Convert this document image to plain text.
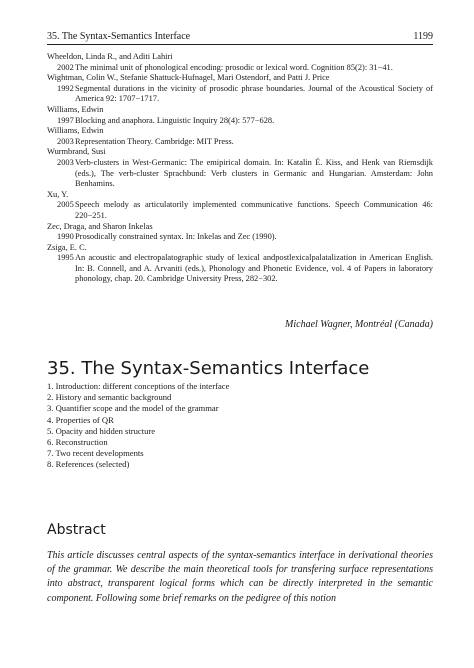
35. The Syntax-Semantics Interface	1199
Wheeldon, Linda R., and Aditi Lahiri
2002 The minimal unit of phonological encoding: prosodic or lexical word. Cognition 85(2): 31−41.
Wightman, Colin W., Stefanie Shattuck-Hufnagel, Mari Ostendorf, and Patti J. Price
1992 Segmental durations in the vicinity of prosodic phrase boundaries. Journal of the Acoustical Society of America 92: 1707−1717.
Williams, Edwin
1997 Blocking and anaphora. Linguistic Inquiry 28(4): 577−628.
Williams, Edwin
2003 Representation Theory. Cambridge: MIT Press.
Wurmbrand, Susi
2003 Verb-clusters in West-Germanic: The emipirical domain. In: Katalin É. Kiss, and Henk van Riemsdijk (eds.), The verb-cluster Sprachbund: Verb clusters in Germanic and Hungarian. Amsterdam: John Benhamins.
Xu, Y.
2005 Speech melody as articulatorily implemented communicative functions. Speech Communication 46: 220−251.
Zec, Draga, and Sharon Inkelas
1990 Prosodically constrained syntax. In: Inkelas and Zec (1990).
Zsiga, E. C.
1995 An acoustic and electropalatographic study of lexical andpostlexicalpalatalization in American English. In: B. Connell, and A. Arvaniti (eds.), Phonology and Phonetic Evidence, vol. 4 of Papers in laboratory phonology, chap. 20. Cambridge University Press, 282−302.
Michael Wagner, Montréal (Canada)
35. The Syntax-Semantics Interface
1. Introduction: different conceptions of the interface
2. History and semantic background
3. Quantifier scope and the model of the grammar
4. Properties of QR
5. Opacity and hidden structure
6. Reconstruction
7. Two recent developments
8. References (selected)
Abstract
This article discusses central aspects of the syntax-semantics interface in derivational theories of the grammar. We describe the main theoretical tools for transfering surface representations into abstract, transparent logical forms which can be directly interpreted in the semantic component. Following some brief remarks on the pedigree of this notion
